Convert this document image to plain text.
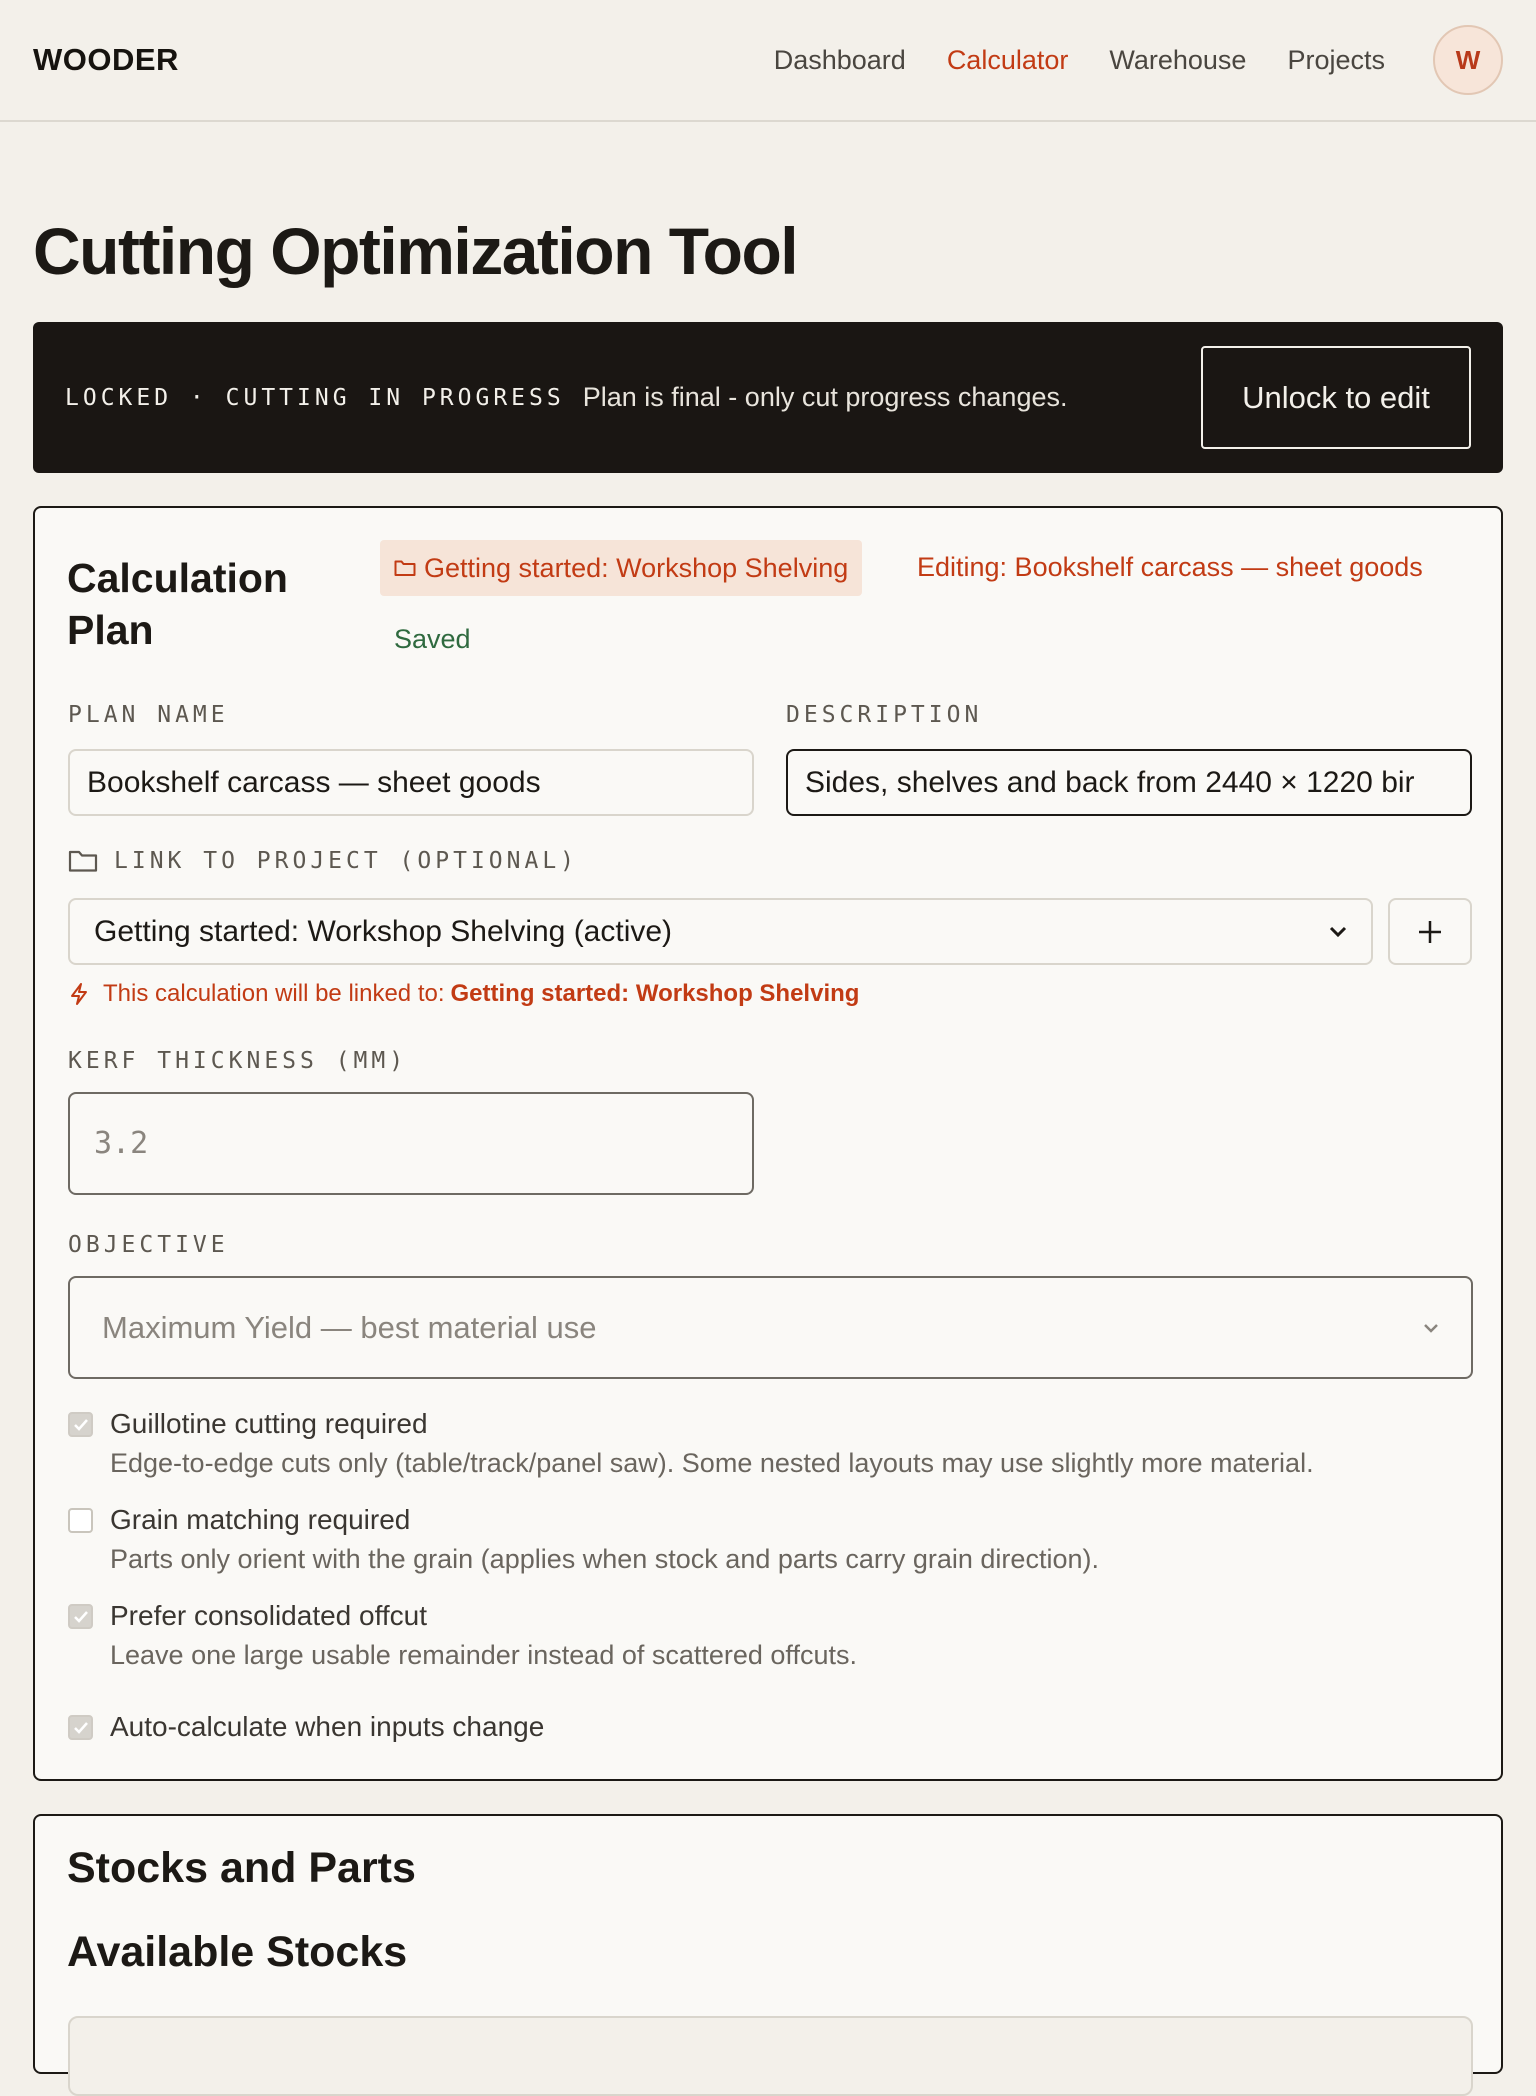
WOODER	Dashboard Calculator Warehouse Projects	W
Cutting Optimization Tool
LOCKED · CUTTING IN PROGRESS Plan is final - only cut progress changes.	Unlock to edit
Calculation Plan
Getting started: Workshop Shelving	Editing: Bookshelf carcass — sheet goods
Saved
PLAN NAME
Bookshelf carcass — sheet goods
DESCRIPTION
Sides, shelves and back from 2440 × 1220 bir
LINK TO PROJECT (OPTIONAL)
Getting started: Workshop Shelving (active)
This calculation will be linked to: Getting started: Workshop Shelving
KERF THICKNESS (MM)
3.2
OBJECTIVE
Maximum Yield — best material use
Guillotine cutting required
Edge-to-edge cuts only (table/track/panel saw). Some nested layouts may use slightly more material.
Grain matching required
Parts only orient with the grain (applies when stock and parts carry grain direction).
Prefer consolidated offcut
Leave one large usable remainder instead of scattered offcuts.
Auto-calculate when inputs change
Stocks and Parts
Available Stocks
